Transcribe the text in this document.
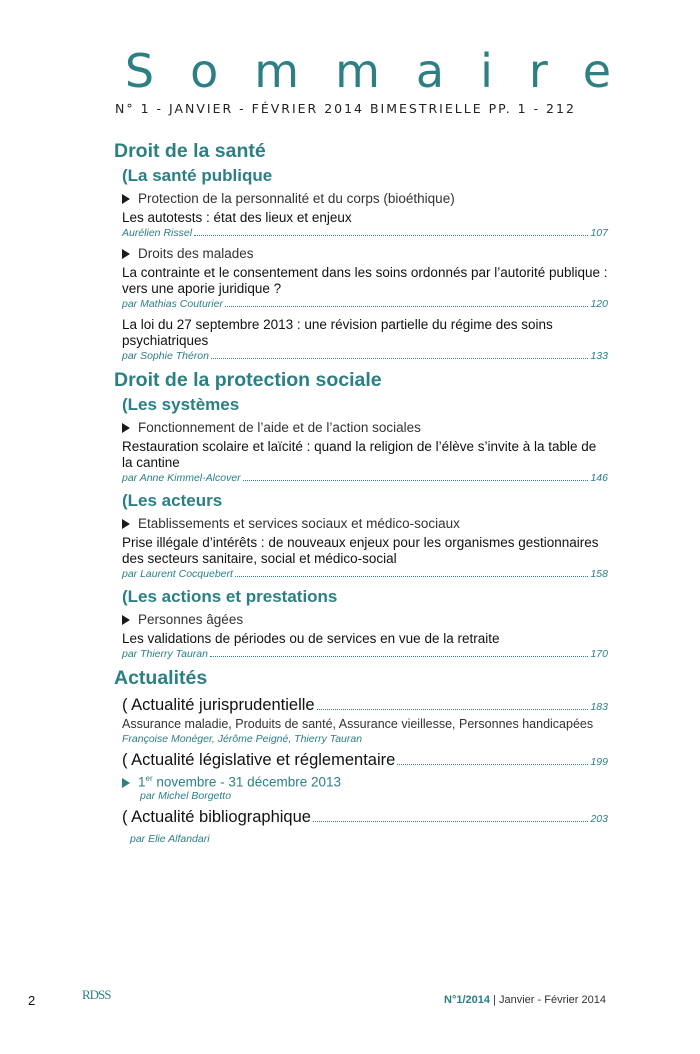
Sommaire
N° 1 - JANVIER - FÉVRIER 2014 BIMESTRIELLE PP. 1 - 212
Droit de la santé
(La santé publique
Protection de la personnalité et du corps (bioéthique)
Les autotests : état des lieux et enjeux
Aurélien Rissel	107
Droits des malades
La contrainte et le consentement dans les soins ordonnés par l’autorité publique : vers une aporie juridique ?
par Mathias Couturier	120
La loi du 27 septembre 2013 : une révision partielle du régime des soins psychiatriques
par Sophie Théron	133
Droit de la protection sociale
(Les systèmes
Fonctionnement de l’aide et de l’action sociales
Restauration scolaire et laïcité : quand la religion de l’élève s’invite à la table de la cantine
par Anne Kimmel-Alcover	146
(Les acteurs
Etablissements et services sociaux et médico-sociaux
Prise illégale d’intérêts : de nouveaux enjeux pour les organismes gestionnaires des secteurs sanitaire, social et médico-social
par Laurent Cocquebert	158
(Les actions et prestations
Personnes âgées
Les validations de périodes ou de services en vue de la retraite
par Thierry Tauran	170
Actualités
( Actualité jurisprudentielle	183
Assurance maladie, Produits de santé, Assurance vieillesse, Personnes handicapées
Françoise Monéger, Jérôme Peigné, Thierry Tauran
( Actualité législative et réglementaire	199
1er novembre - 31 décembre 2013
par Michel Borgetto
( Actualité bibliographique	203
par Elie Alfandari
2	RDSS	N°1/2014 | Janvier - Février 2014
